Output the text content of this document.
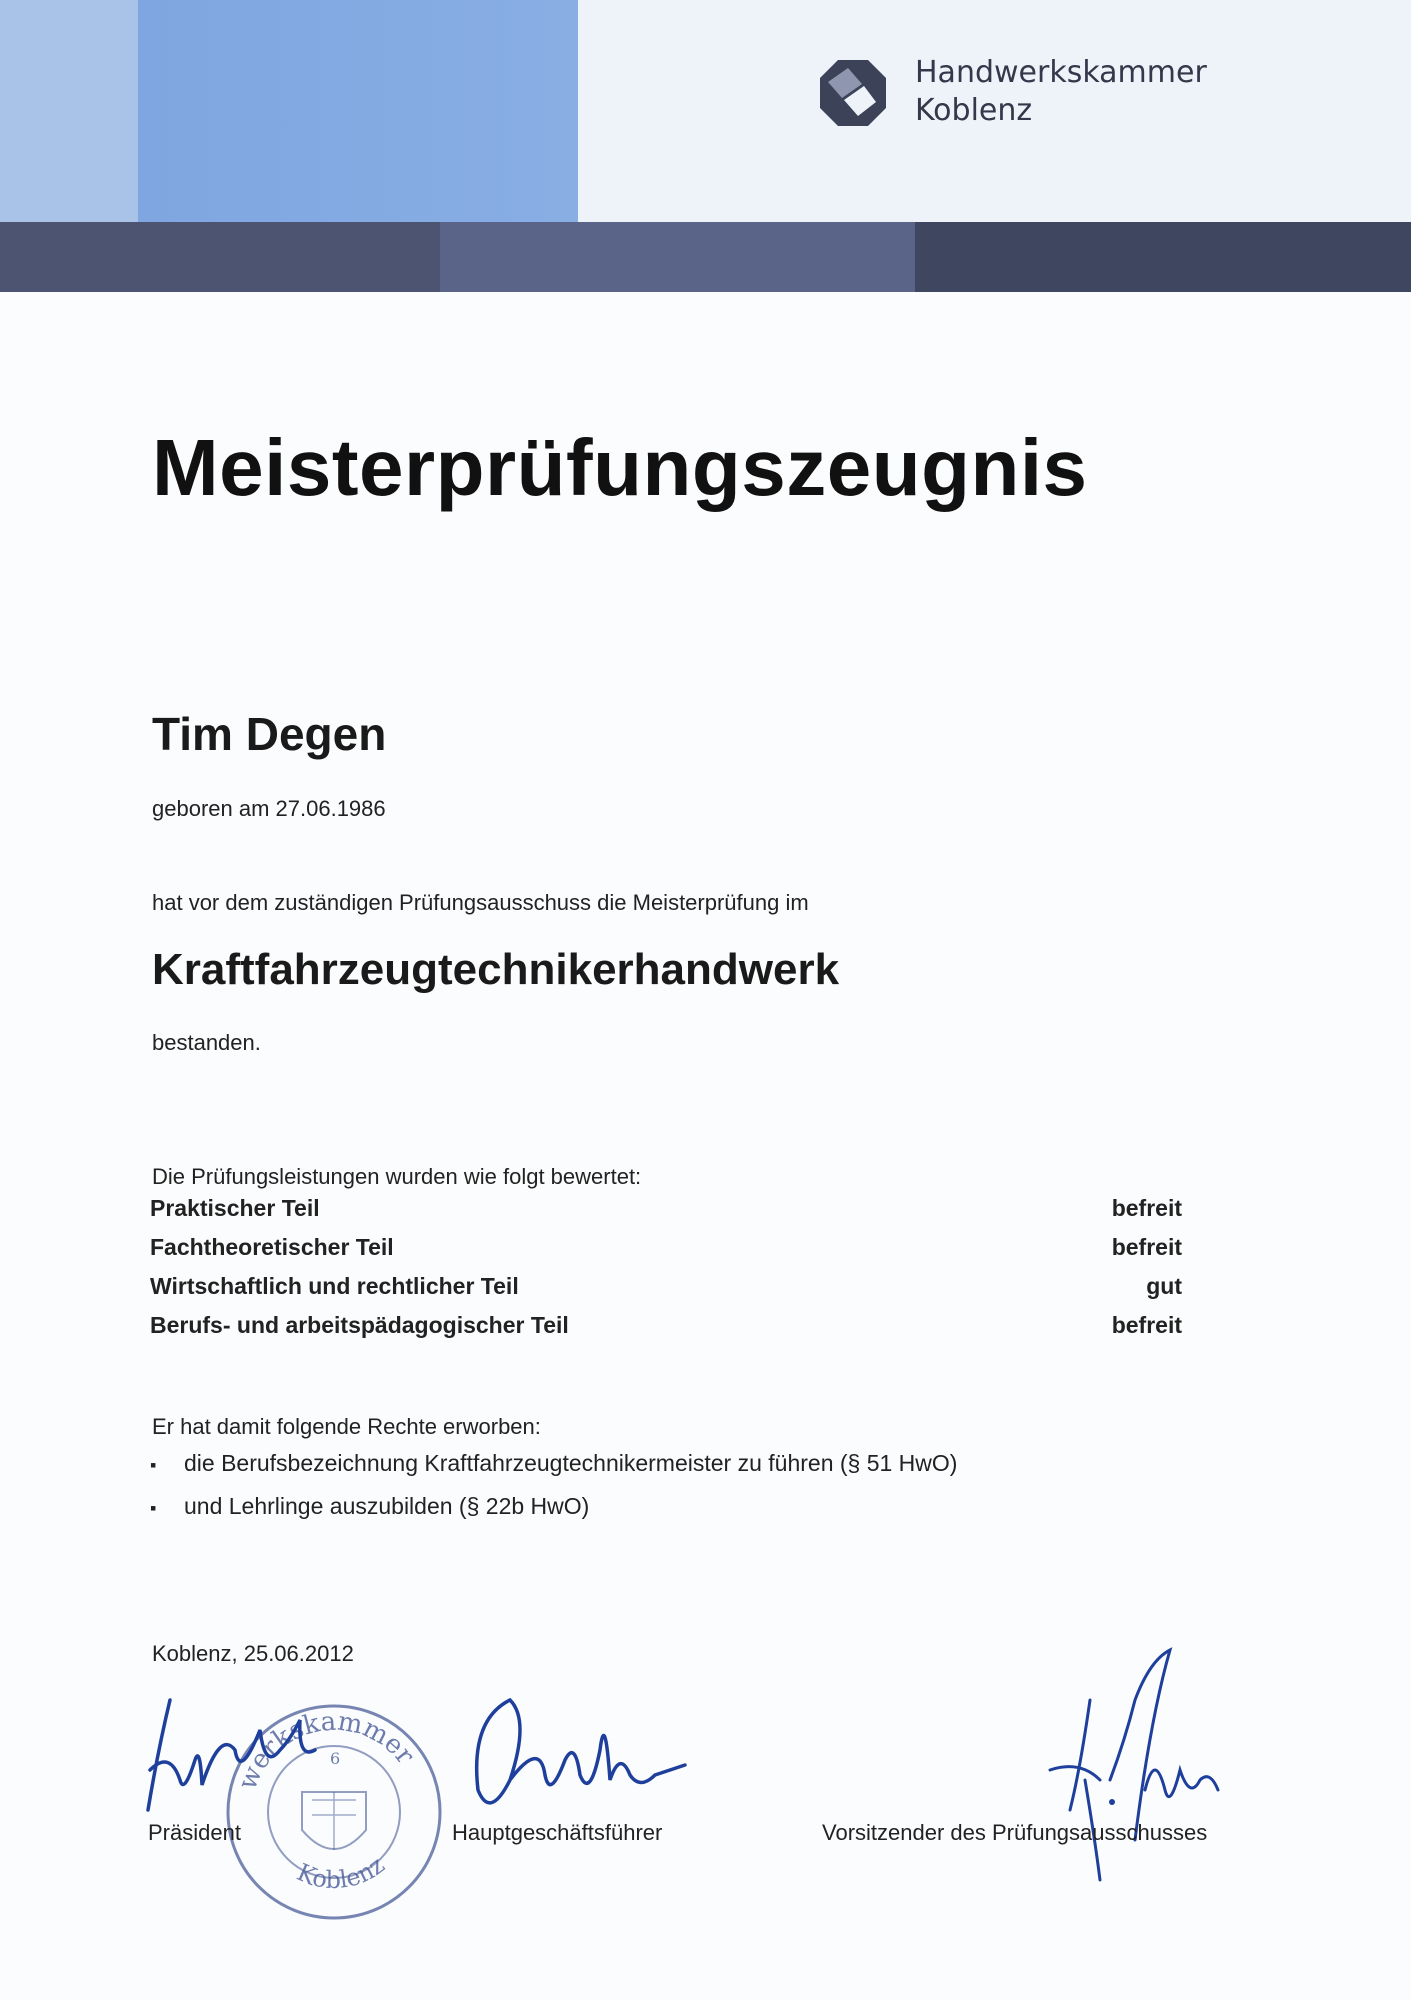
Handwerkskammer
Koblenz
Meisterprüfungszeugnis
Tim Degen
geboren am 27.06.1986
hat vor dem zuständigen Prüfungsausschuss die Meisterprüfung im
Kraftfahrzeugtechnikerhandwerk
bestanden.
Die Prüfungsleistungen wurden wie folgt bewertet:
Praktischer Teil	befreit
Fachtheoretischer Teil	befreit
Wirtschaftlich und rechtlicher Teil	gut
Berufs- und arbeitspädagogischer Teil	befreit
Er hat damit folgende Rechte erworben:
▪	die Berufsbezeichnung Kraftfahrzeugtechnikermeister zu führen (§ 51 HwO)
▪	und Lehrlinge auszubilden (§ 22b HwO)
Koblenz, 25.06.2012
werkskammer
Koblenz
6
Präsident	Hauptgeschäftsführer	Vorsitzender des Prüfungsausschusses
